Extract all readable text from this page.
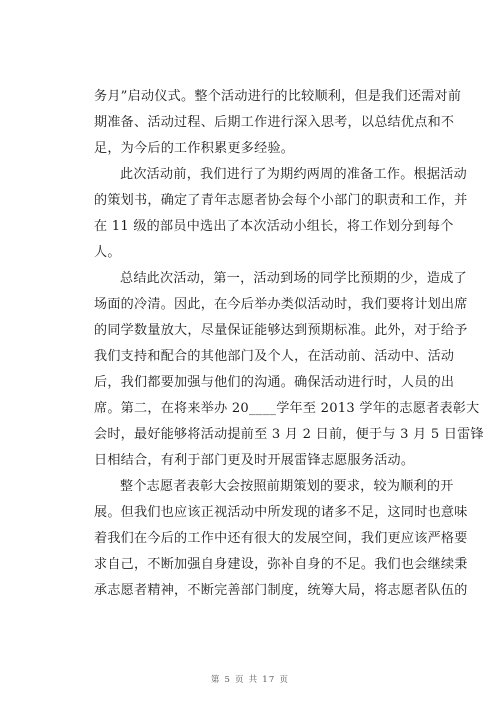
务月”启动仪式。整个活动进行的比较顺利，但是我们还需对前
期准备、活动过程、后期工作进行深入思考，以总结优点和不
足，为今后的工作积累更多经验。
此次活动前，我们进行了为期约两周的准备工作。根据活动
的策划书，确定了青年志愿者协会每个小部门的职责和工作，并
在 11 级的部员中选出了本次活动小组长，将工作划分到每个
人。
总结此次活动，第一，活动到场的同学比预期的少，造成了
场面的冷清。因此，在今后举办类似活动时，我们要将计划出席
的同学数量放大，尽量保证能够达到预期标准。此外，对于给予
我们支持和配合的其他部门及个人，在活动前、活动中、活动
后，我们都要加强与他们的沟通。确保活动进行时，人员的出
席。第二，在将来举办 20____学年至 2013 学年的志愿者表彰大
会时，最好能够将活动提前至 3 月 2 日前，便于与 3 月 5 日雷锋
日相结合，有利于部门更及时开展雷锋志愿服务活动。
整个志愿者表彰大会按照前期策划的要求，较为顺利的开
展。但我们也应该正视活动中所发现的诸多不足，这同时也意味
着我们在今后的工作中还有很大的发展空间，我们更应该严格要
求自己，不断加强自身建设，弥补自身的不足。我们也会继续秉
承志愿者精神，不断完善部门制度，统筹大局，将志愿者队伍的
第 5 页 共 17 页
